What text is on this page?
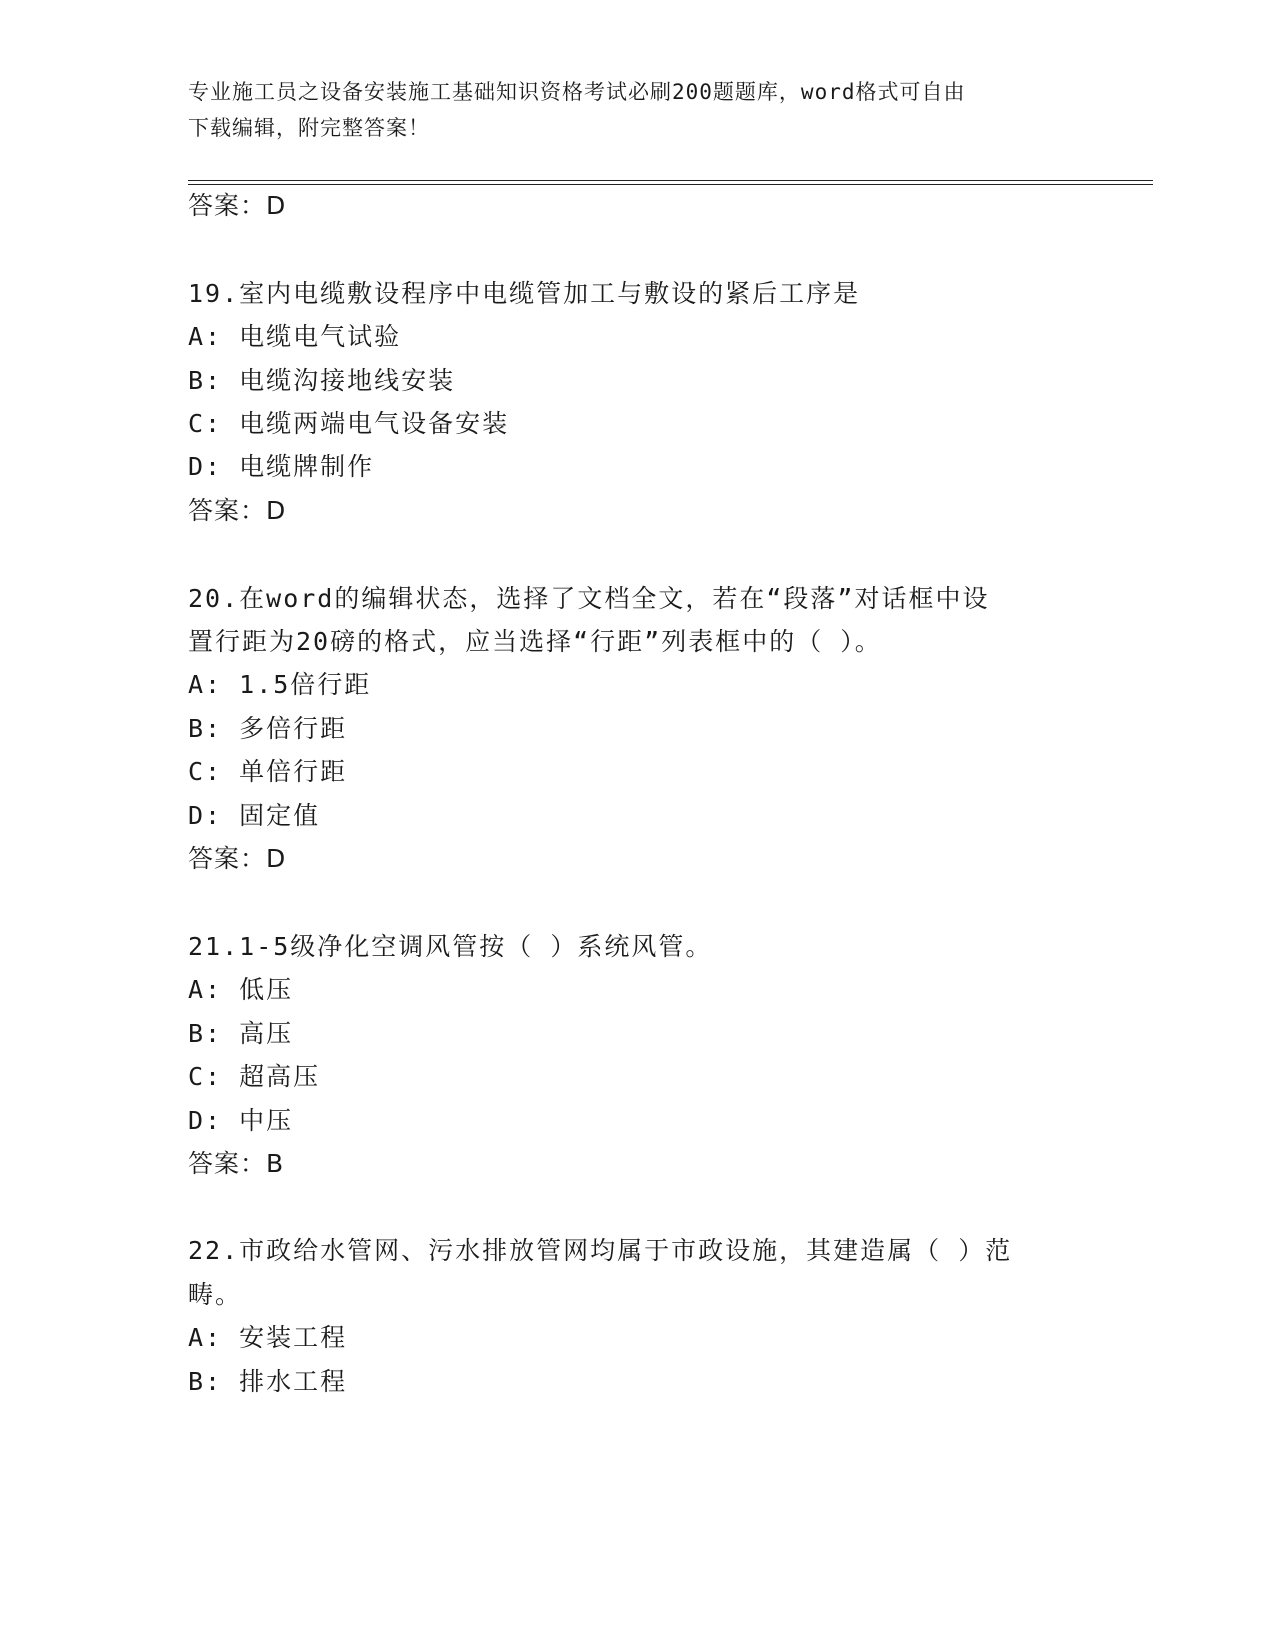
专业施工员之设备安装施工基础知识资格考试必刷200题题库，word格式可自由
下载编辑，附完整答案！
答案：D
19.室内电缆敷设程序中电缆管加工与敷设的紧后工序是
A: 电缆电气试验
B: 电缆沟接地线安装
C: 电缆两端电气设备安装
D: 电缆牌制作
答案：D
20.在word的编辑状态，选择了文档全文，若在“段落”对话框中设
置行距为20磅的格式，应当选择“行距”列表框中的（ ）。
A: 1.5倍行距
B: 多倍行距
C: 单倍行距
D: 固定值
答案：D
21.1-5级净化空调风管按（ ）系统风管。
A: 低压
B: 高压
C: 超高压
D: 中压
答案：B
22.市政给水管网、污水排放管网均属于市政设施，其建造属（ ）范
畴。
A: 安装工程
B: 排水工程
